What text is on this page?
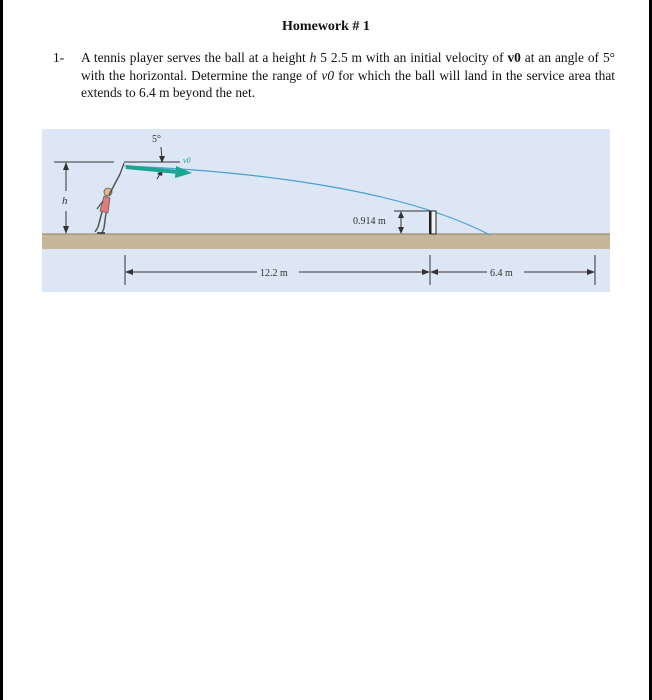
Homework # 1
1- A tennis player serves the ball at a height h 5 2.5 m with an initial velocity of v0 at an angle of 5° with the horizontal. Determine the range of v0 for which the ball will land in the service area that extends to 6.4 m beyond the net.
h
5°
v0
0.914 m
12.2 m	6.4 m
